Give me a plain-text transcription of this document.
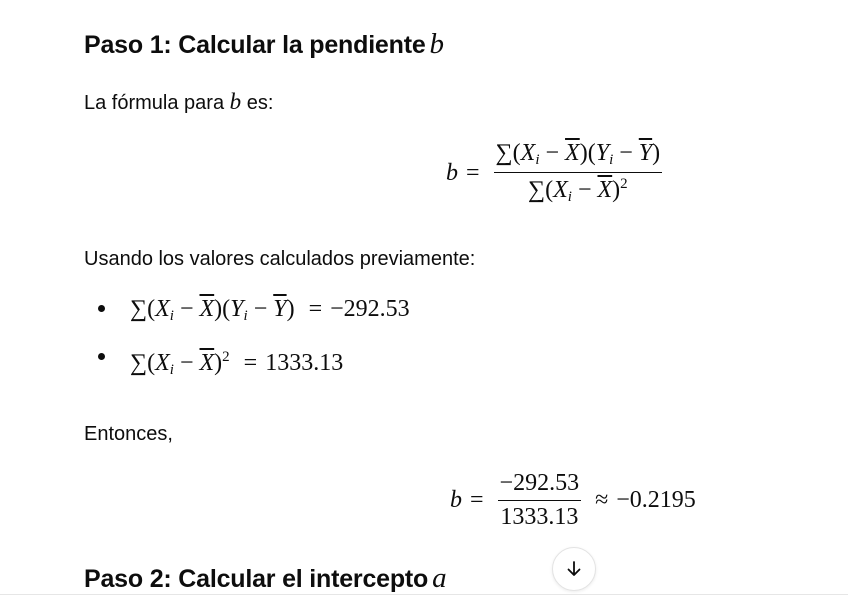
Paso 1: Calcular la pendiente b

La fórmula para b es:

$b = \frac{\sum(X_i - \overline{X})(Y_i - \overline{Y})}{\sum(X_i - \overline{X})^2}$

Usando los valores calculados previamente:

$\sum(X_i - \overline{X})(Y_i - \overline{Y}) = -292.53$
$\sum(X_i - \overline{X})^2 = 1333.13$

Entonces,

$b = \frac{-292.53}{1333.13} \approx -0.2195$
Paso 2: Calcular el intercepto a
